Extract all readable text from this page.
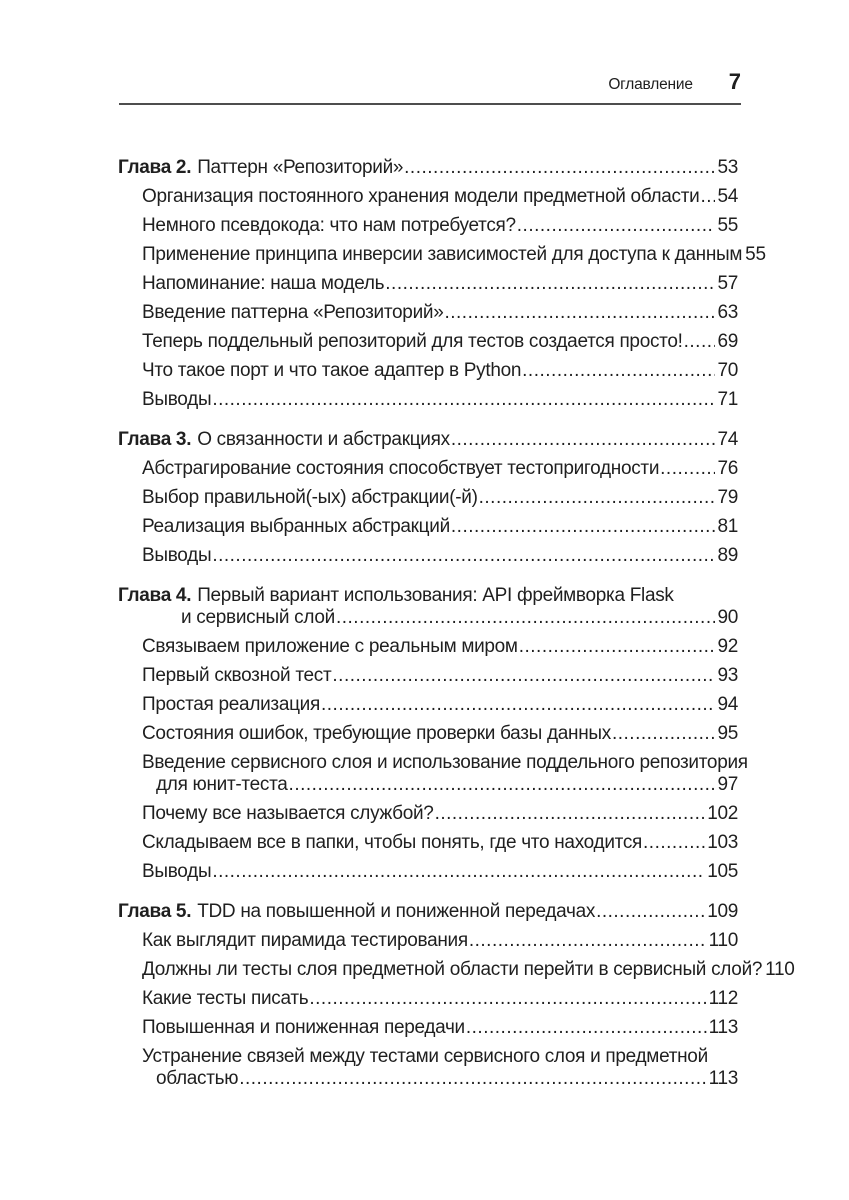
Оглавление 7
Глава 2. Паттерн «Репозиторий» .....	53
Организация постоянного хранения модели предметной области ..... 54
Немного псевдокода: что нам потребуется? .....	55
Применение принципа инверсии зависимостей для доступа к данным ..... 55
Напоминание: наша модель .....	57
Введение паттерна «Репозиторий» .....	63
Теперь поддельный репозиторий для тестов создается просто! ..... 69
Что такое порт и что такое адаптер в Python .....	70
Выводы .....	71
Глава 3. О связанности и абстракциях .....	74
Абстрагирование состояния способствует тестопригодности .....	76
Выбор правильной(-ых) абстракции(-й) .....	79
Реализация выбранных абстракций .....	81
Выводы .....	89
Глава 4. Первый вариант использования: API фреймворка Flask
и сервисный слой .....	90
Связываем приложение с реальным миром .....	92
Первый сквозной тест .....	93
Простая реализация .....	94
Состояния ошибок, требующие проверки базы данных .....	95
Введение сервисного слоя и использование поддельного репозитория
для юнит-теста .....	97
Почему все называется службой? .....	102
Складываем все в папки, чтобы понять, где что находится .....	103
Выводы .....	105
Глава 5. TDD на повышенной и пониженной передачах .....	109
Как выглядит пирамида тестирования .....	110
Должны ли тесты слоя предметной области перейти в сервисный слой? ..... 110
Какие тесты писать .....	112
Повышенная и пониженная передачи .....	113
Устранение связей между тестами сервисного слоя и предметной
областью .....	113
